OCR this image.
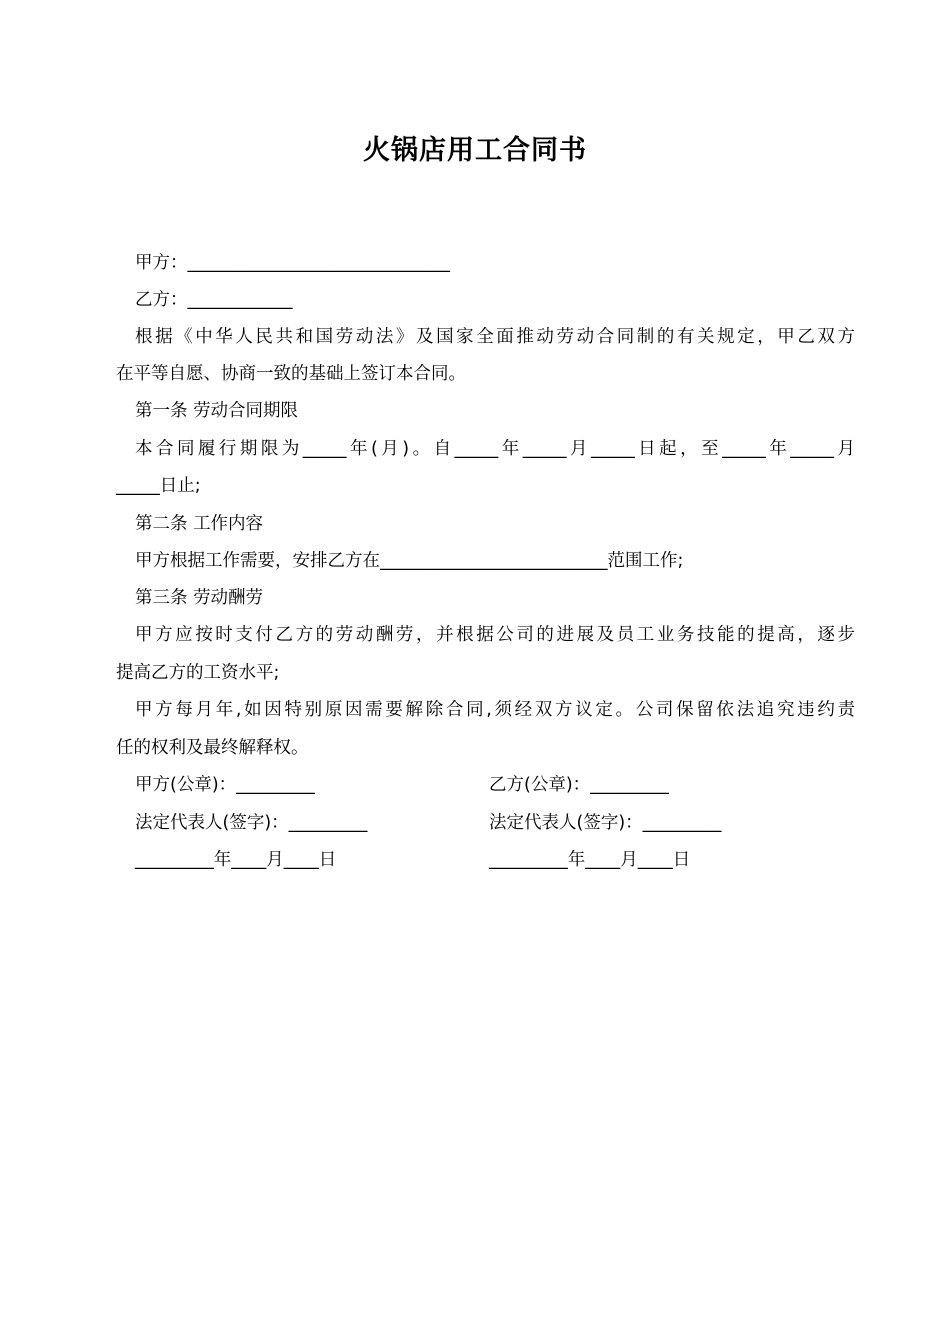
火锅店用工合同书
甲方：______________________________
乙方：____________
根据《中华人民共和国劳动法》及国家全面推动劳动合同制的有关规定，甲乙双方
在平等自愿、协商一致的基础上签订本合同。
第一条 劳动合同期限
本合同履行期限为_____年(月)。自_____年_____月_____日起，至_____年_____月
_____日止;
第二条 工作内容
甲方根据工作需要，安排乙方在__________________________范围工作;
第三条 劳动酬劳
甲方应按时支付乙方的劳动酬劳，并根据公司的进展及员工业务技能的提高，逐步
提高乙方的工资水平;
甲方每月年,如因特别原因需要解除合同,须经双方议定。公司保留依法追究违约责
任的权利及最终解释权。
甲方(公章)：_________	乙方(公章)：_________
法定代表人(签字)：_________	法定代表人(签字)：_________
_________年____月____日	_________年____月____日
